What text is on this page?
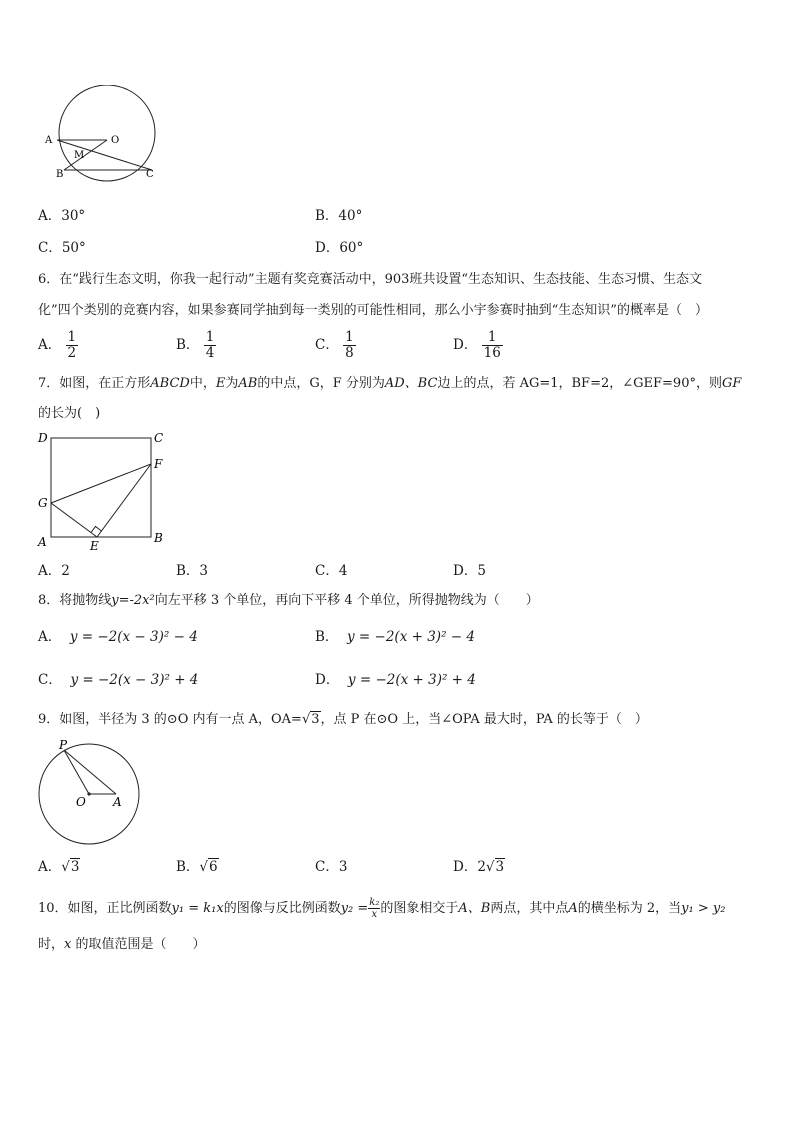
A	O
M
B	C
A．30°	B．40°
C．50°	D．60°
6．在“践行生态文明，你我一起行动”主题有奖竞赛活动中，903班共设置“生态知识、生态技能、生态习惯、生态文
化”四个类别的竞赛内容，如果参赛同学抽到每一类别的可能性相同，那么小宇参赛时抽到“生态知识”的概率是（　）
A． $\frac{1}{2}$	B． $\frac{1}{4}$	C． $\frac{1}{8}$	D． $\frac{1}{16}$
7．如图，在正方形ABCD中，E为AB的中点，G，F 分别为AD、BC边上的点，若 AG=1，BF=2，∠GEF=90°，则GF
的长为(　)
D	C
F
G
A	E
B
A．2	B．3	C．4	D．5
8．将抛物线y=-2x²向左平移 3 个单位，再向下平移 4 个单位，所得抛物线为（　　）
A． y = −2(x − 3)² − 4	B． y = −2(x + 3)² − 4
C． y = −2(x − 3)² + 4	D． y = −2(x + 3)² + 4
9．如图，半径为 3 的⊙O 内有一点 A，OA=√3，点 P 在⊙O 上，当∠OPA 最大时，PA 的长等于（　）
P
O A
A．√3	B．√6	C．3	D．2√3
10．如图，正比例函数y₁ = k₁x的图像与反比例函数$y_2 = \frac{\text{k₂}}{x}$ 的图象相交于A、B两点，其中点A的横坐标为 2，当y₁ > y₂
时，x 的取值范围是（　　）
